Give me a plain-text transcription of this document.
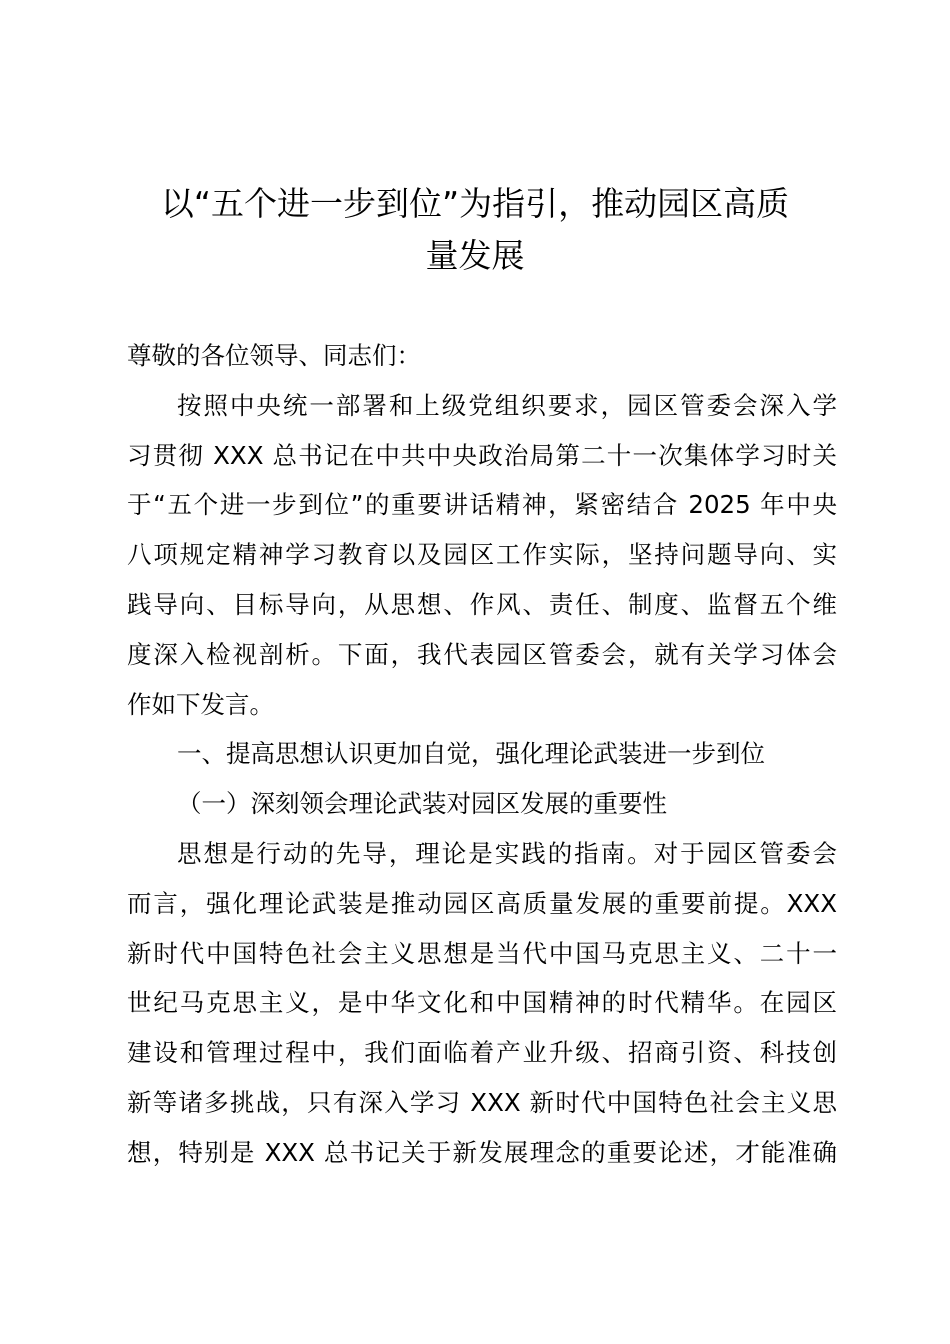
以“五个进一步到位”为指引，推动园区高质
量发展
尊敬的各位领导、同志们：
按照中央统一部署和上级党组织要求，园区管委会深入学
习贯彻 XXX 总书记在中共中央政治局第二十一次集体学习时关
于“五个进一步到位”的重要讲话精神，紧密结合 2025 年中央
八项规定精神学习教育以及园区工作实际，坚持问题导向、实
践导向、目标导向，从思想、作风、责任、制度、监督五个维
度深入检视剖析。下面，我代表园区管委会，就有关学习体会
作如下发言。
一、提高思想认识更加自觉，强化理论武装进一步到位
（一）深刻领会理论武装对园区发展的重要性
思想是行动的先导，理论是实践的指南。对于园区管委会
而言，强化理论武装是推动园区高质量发展的重要前提。XXX
新时代中国特色社会主义思想是当代中国马克思主义、二十一
世纪马克思主义，是中华文化和中国精神的时代精华。在园区
建设和管理过程中，我们面临着产业升级、招商引资、科技创
新等诸多挑战，只有深入学习 XXX 新时代中国特色社会主义思
想，特别是 XXX 总书记关于新发展理念的重要论述，才能准确
